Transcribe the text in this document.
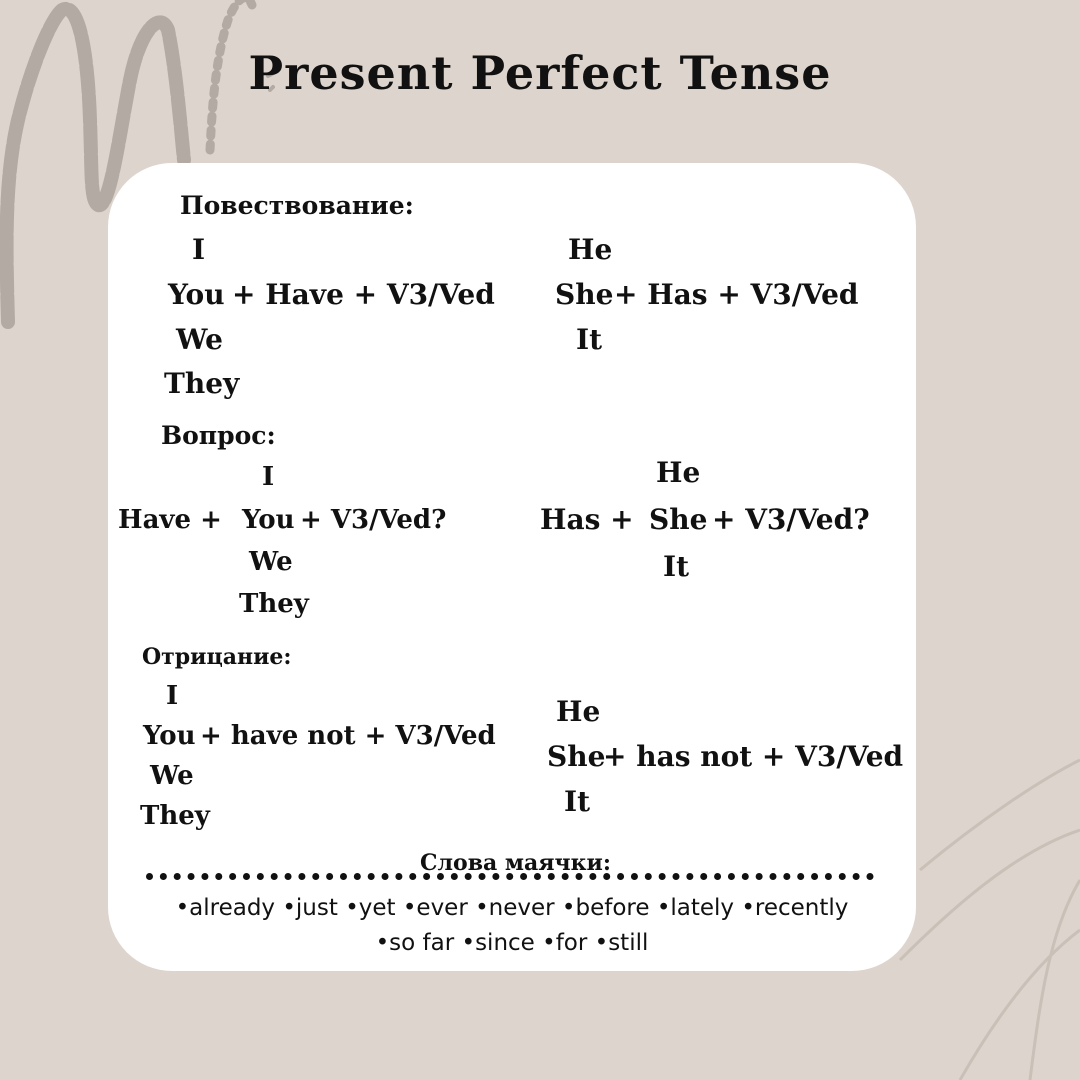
Present Perfect Tense
Повествование:
I
You + Have + V3/Ved
We
They
He
She + Has + V3/Ved
It
Вопрос:
I
Have + You + V3/Ved?
We
They
He
Has + She + V3/Ved?
It
Отрицание:
I
You + have not + V3/Ved
We
They
He
She
+ has not + V3/Ved
It
Слова маячки:
•already •just •yet •ever •never •before •lately •recently
•so far •since •for •still
